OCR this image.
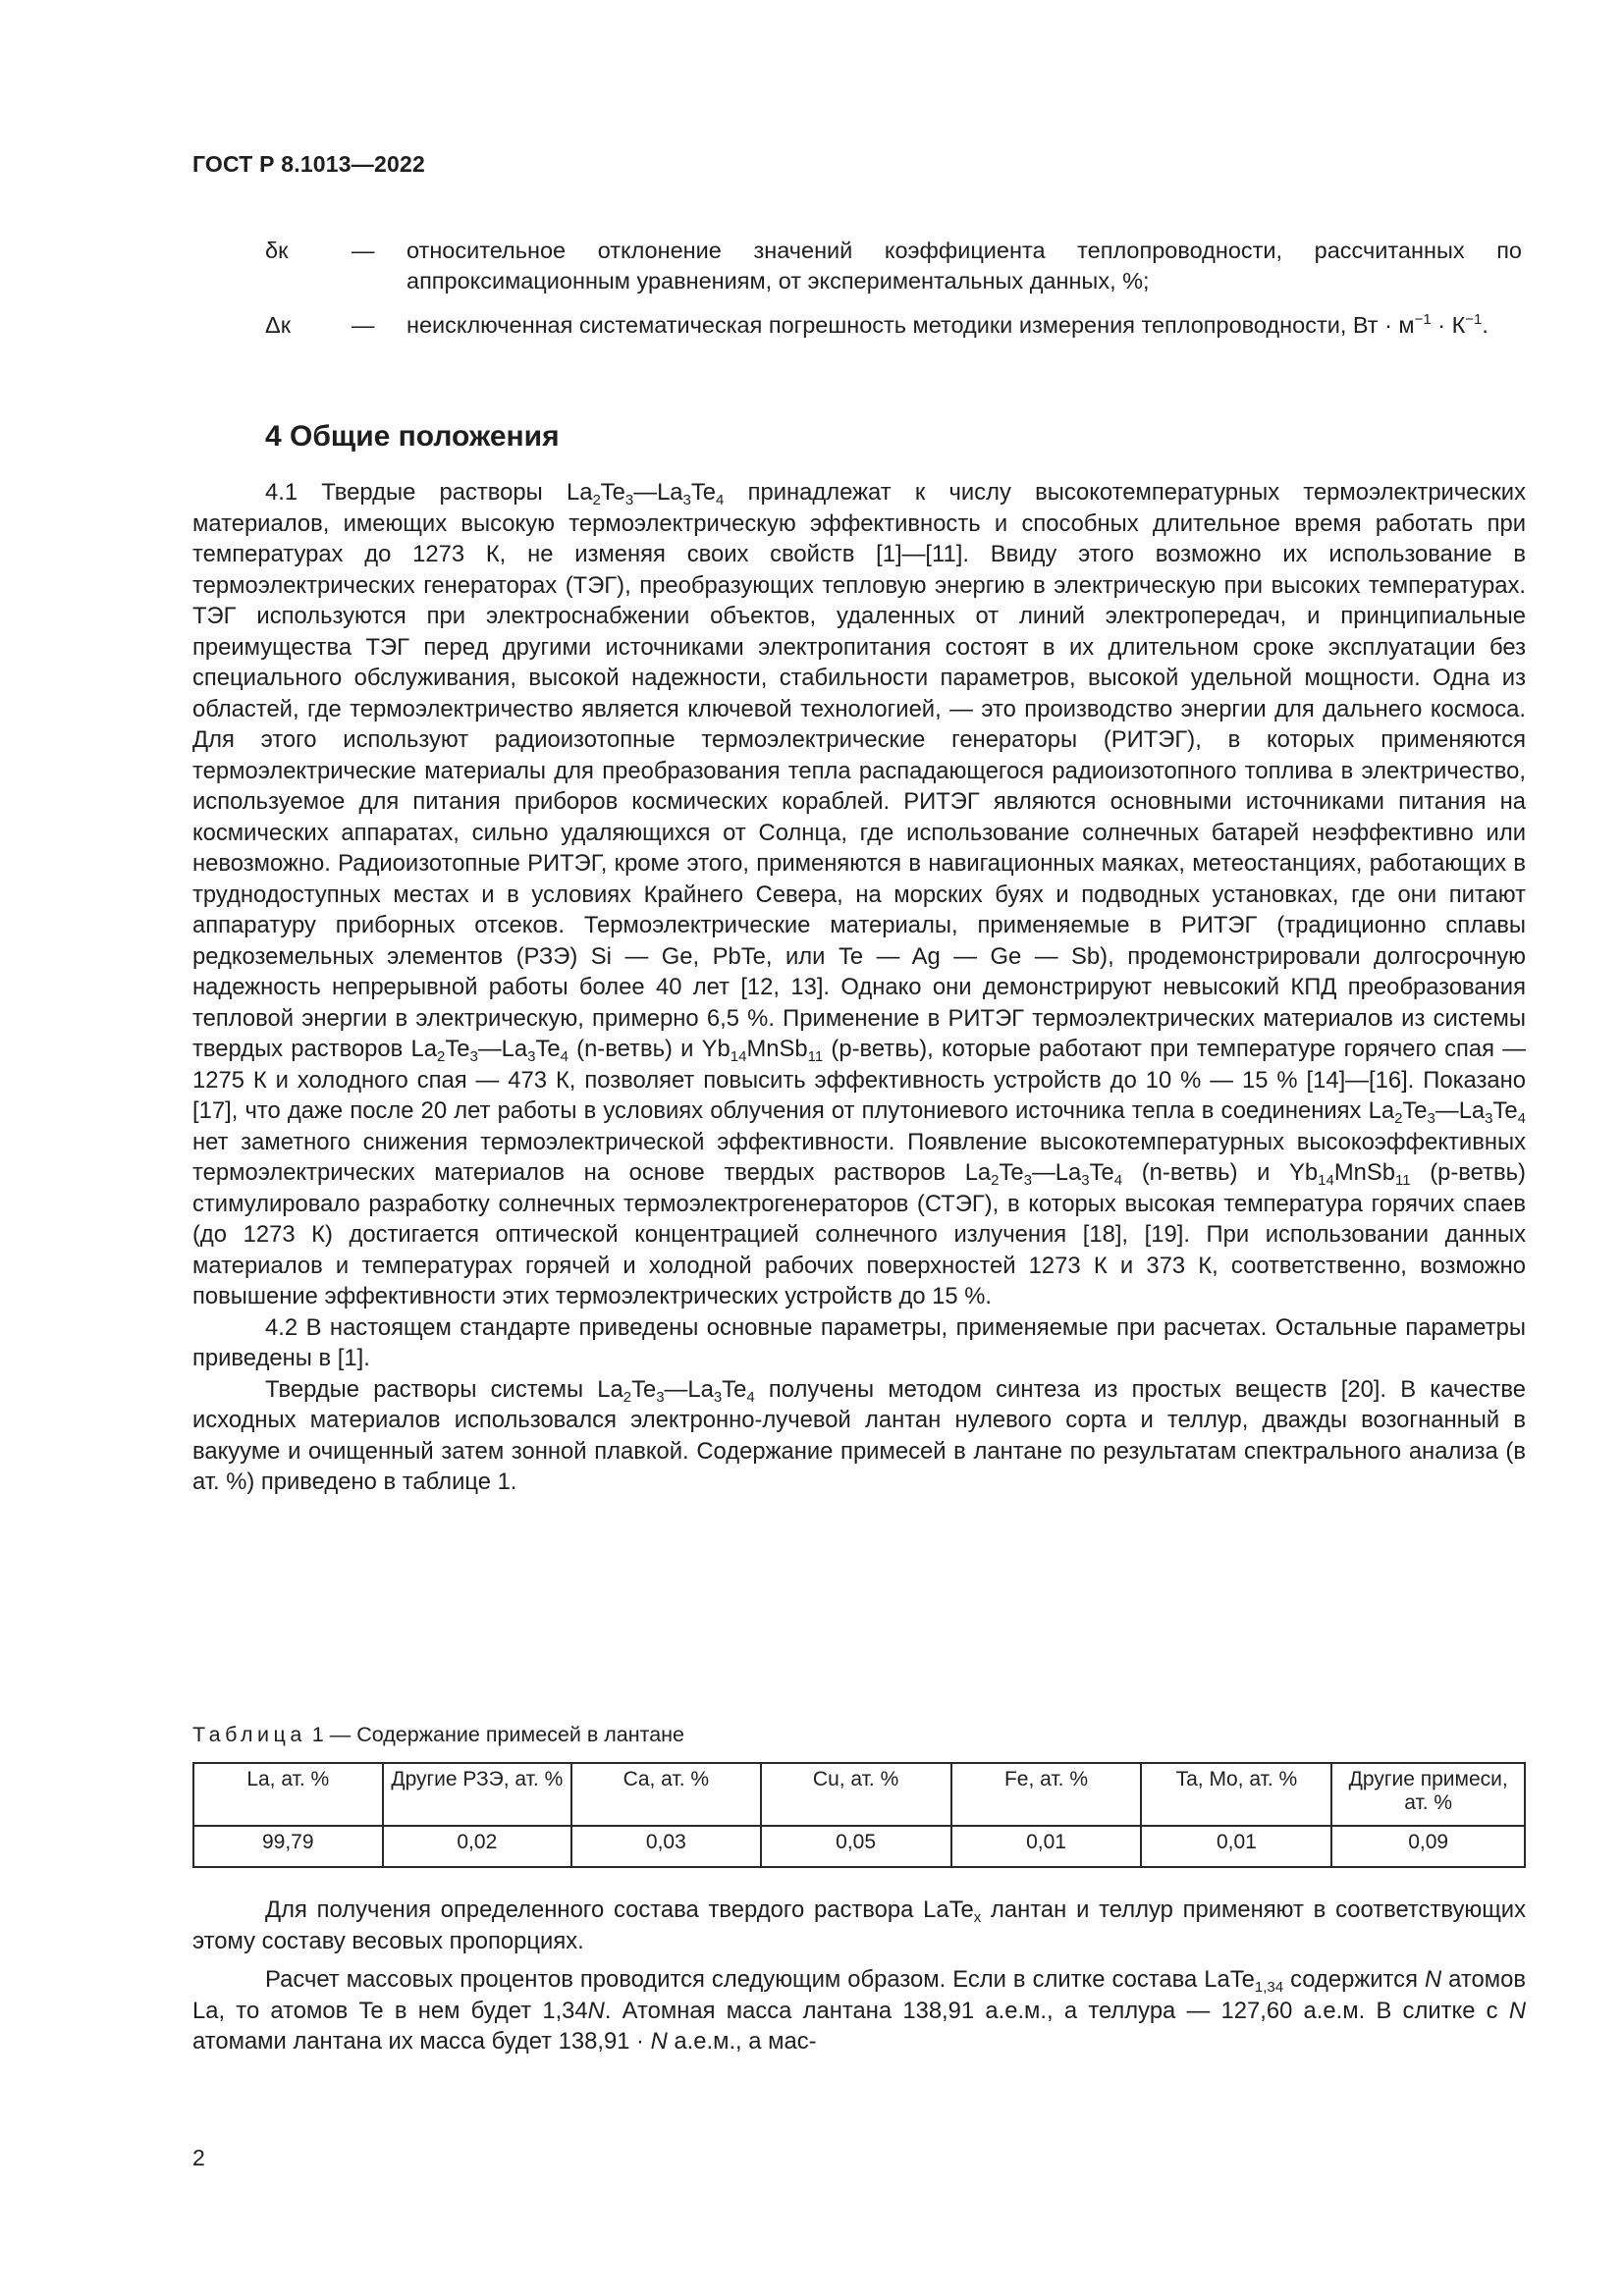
ГОСТ Р 8.1013—2022
δк	—	относительное отклонение значений коэффициента теплопроводности, рассчитанных по аппроксимационным уравнениям, от экспериментальных данных, %;
Δк	—	неисключенная систематическая погрешность методики измерения теплопроводности, Вт · $м^{-1} \cdot К^{-1}$.
4 Общие положения

4.1 Твердые растворы $La_2Te_3—La_3Te_4$ принадлежат к числу высокотемпературных термоэлектрических материалов, имеющих высокую термоэлектрическую эффективность и способных длительное время работать при температурах до 1273 К, не изменяя своих свойств [1]—[11]. Ввиду этого возможно их использование в термоэлектрических генераторах (ТЭГ), преобразующих тепловую энергию в электрическую при высоких температурах. ТЭГ используются при электроснабжении объектов, удаленных от линий электропередач, и принципиальные преимущества ТЭГ перед другими источниками электропитания состоят в их длительном сроке эксплуатации без специального обслуживания, высокой надежности, стабильности параметров, высокой удельной мощности. Одна из областей, где термоэлектричество является ключевой технологией, — это производство энергии для дальнего космоса. Для этого используют радиоизотопные термоэлектрические генераторы (РИТЭГ), в которых применяются термоэлектрические материалы для преобразования тепла распадающегося радиоизотопного топлива в электричество, используемое для питания приборов космических кораблей. РИТЭГ являются основными источниками питания на космических аппаратах, сильно удаляющихся от Солнца, где использование солнечных батарей неэффективно или невозможно. Радиоизотопные РИТЭГ, кроме этого, применяются в навигационных маяках, метеостанциях, работающих в труднодоступных местах и в условиях Крайнего Севера, на морских буях и подводных установках, где они питают аппаратуру приборных отсеков. Термоэлектрические материалы, применяемые в РИТЭГ (традиционно сплавы редкоземельных элементов (РЗЭ) Si — Ge, PbTe, или Te — Ag — Ge — Sb), продемонстрировали долгосрочную надежность непрерывной работы более 40 лет [12, 13]. Однако они демонстрируют невысокий КПД преобразования тепловой энергии в электрическую, примерно 6,5 %. Применение в РИТЭГ термоэлектрических материалов из системы твердых растворов $La_2Te_3—La_3Te_4$ (n-ветвь) и $Yb_{14}MnSb_{11}$ (p-ветвь), которые работают при температуре горячего спая — 1275 К и холодного спая — 473 К, позволяет повысить эффективность устройств до 10 % — 15 % [14]—[16]. Показано [17], что даже после 20 лет работы в условиях облучения от плутониевого источника тепла в соединениях $La_2Te_3—La_3Te_4$ нет заметного снижения термоэлектрической эффективности. Появление высокотемпературных высокоэффективных термоэлектрических материалов на основе твердых растворов $La_2Te_3—La_3Te_4$ (n-ветвь) и $Yb_{14}MnSb_{11}$ (p-ветвь) стимулировало разработку солнечных термоэлектрогенераторов (СТЭГ), в которых высокая температура горячих спаев (до 1273 К) достигается оптической концентрацией солнечного излучения [18], [19]. При использовании данных материалов и температурах горячей и холодной рабочих поверхностей 1273 К и 373 К, соответственно, возможно повышение эффективности этих термоэлектрических устройств до 15 %.

4.2 В настоящем стандарте приведены основные параметры, применяемые при расчетах. Остальные параметры приведены в [1].

Твердые растворы системы $La_2Te_3—La_3Te_4$ получены методом синтеза из простых веществ [20]. В качестве исходных материалов использовался электронно-лучевой лантан нулевого сорта и теллур, дважды возогнанный в вакууме и очищенный затем зонной плавкой. Содержание примесей в лантане по результатам спектрального анализа (в ат. %) приведено в таблице 1.

Таблица 1 — Содержание примесей в лантане
La, ат. %	Другие РЗЭ, ат. %	Ca, ат. %	Cu, ат. %	Fe, ат. %	Ta, Mo, ат. %	Другие примеси, ат. %
99,79	0,02	0,03	0,05	0,01	0,01	0,09

Для получения определенного состава твердого раствора LaTe$_x$ лантан и теллур применяют в соответствующих этому составу весовых пропорциях.

Расчет массовых процентов проводится следующим образом. Если в слитке состава LaTe$_{1,34}$ содержится N атомов La, то атомов Te в нем будет 1,34N. Атомная масса лантана 138,91 а.е.м., а теллура — 127,60 а.е.м. В слитке с N атомами лантана их масса будет 138,91 · N а.е.м., а мас-

2
